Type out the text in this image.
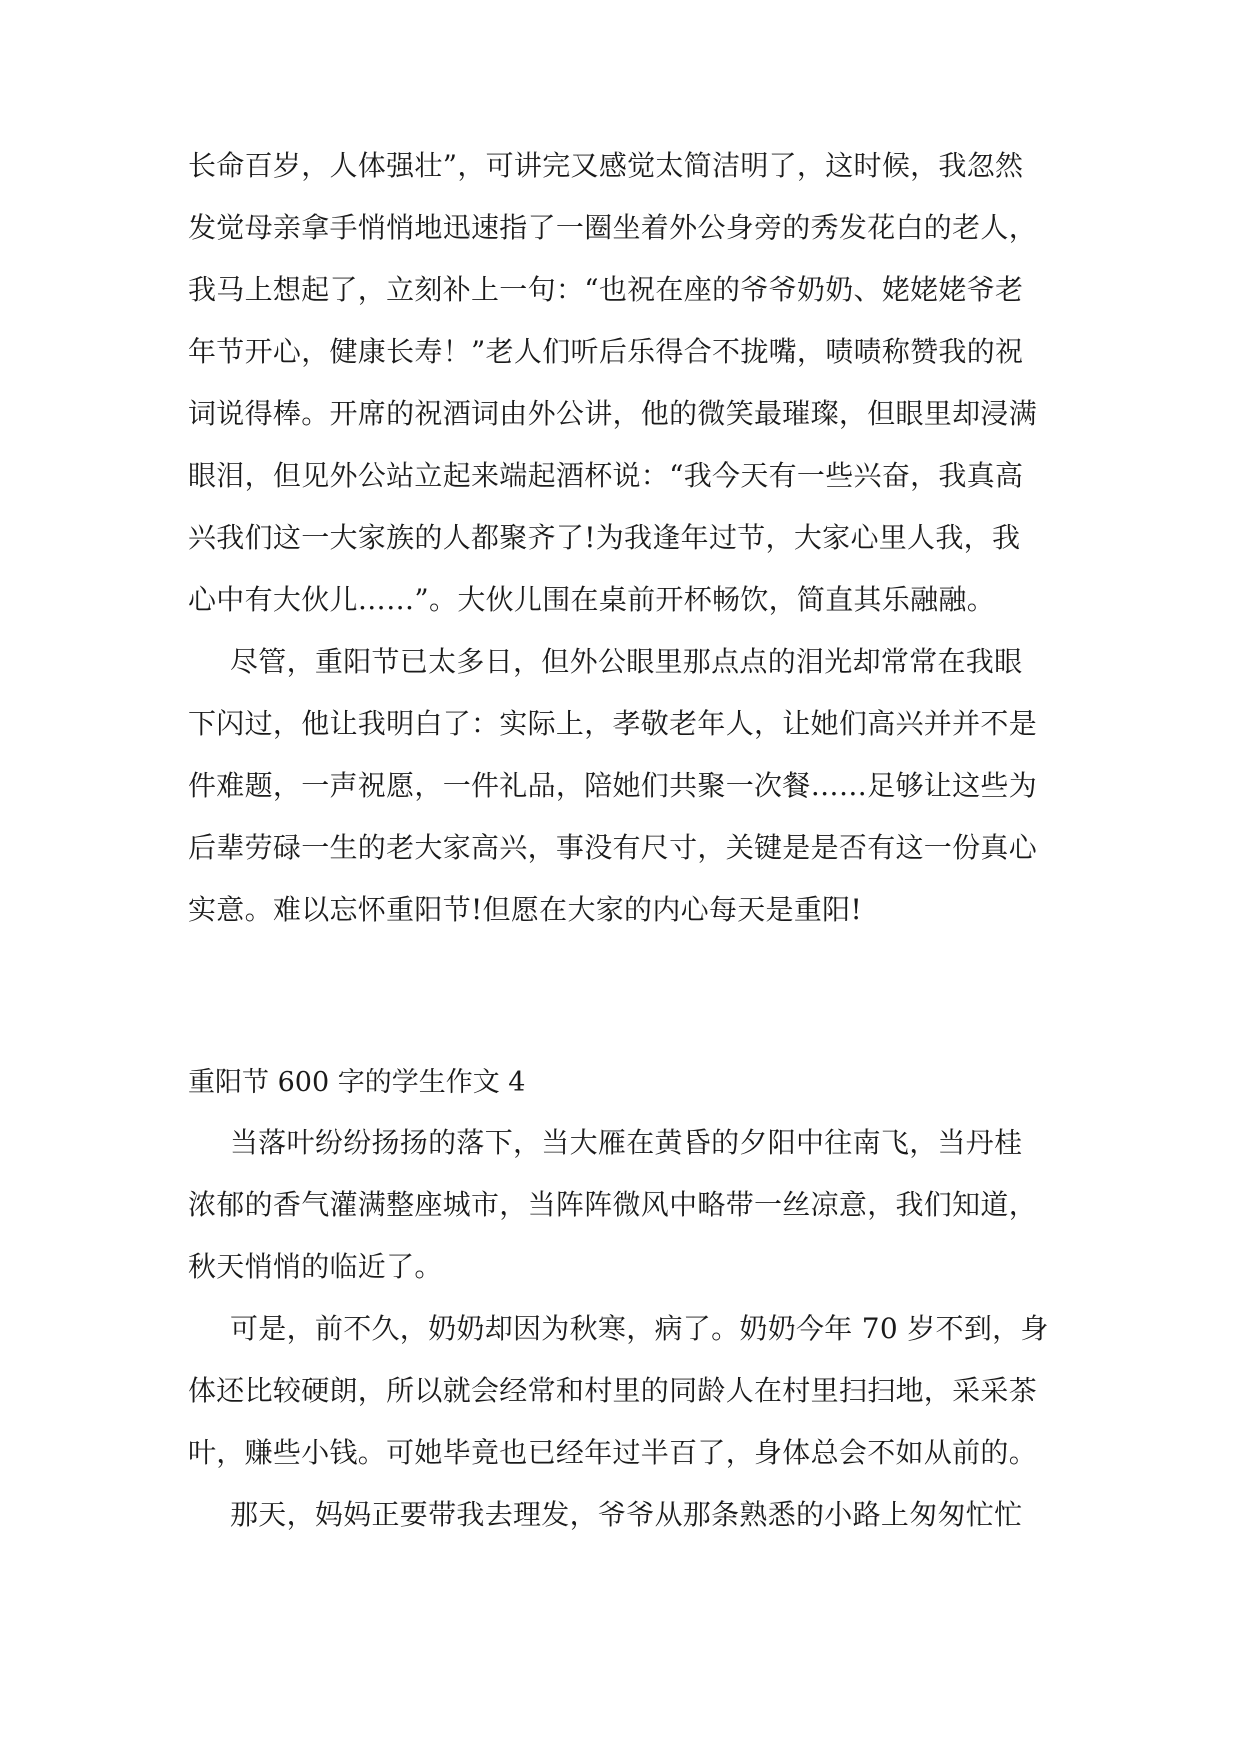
长命百岁，人体强壮”，可讲完又感觉太简洁明了，这时候，我忽然
发觉母亲拿手悄悄地迅速指了一圈坐着外公身旁的秀发花白的老人，
我马上想起了，立刻补上一句：“也祝在座的爷爷奶奶、姥姥姥爷老
年节开心，健康长寿！”老人们听后乐得合不拢嘴，啧啧称赞我的祝
词说得棒。开席的祝酒词由外公讲，他的微笑最璀璨，但眼里却浸满
眼泪，但见外公站立起来端起酒杯说：“我今天有一些兴奋，我真高
兴我们这一大家族的人都聚齐了!为我逢年过节，大家心里人我，我
心中有大伙儿……”。大伙儿围在桌前开杯畅饮，简直其乐融融。

尽管，重阳节已太多日，但外公眼里那点点的泪光却常常在我眼
下闪过，他让我明白了：实际上，孝敬老年人，让她们高兴并并不是
件难题，一声祝愿，一件礼品，陪她们共聚一次餐……足够让这些为
后辈劳碌一生的老大家高兴，事没有尺寸，关键是是否有这一份真心
实意。难以忘怀重阳节!但愿在大家的内心每天是重阳!

重阳节 600 字的学生作文 4

当落叶纷纷扬扬的落下，当大雁在黄昏的夕阳中往南飞，当丹桂
浓郁的香气灌满整座城市，当阵阵微风中略带一丝凉意，我们知道，
秋天悄悄的临近了。

可是，前不久，奶奶却因为秋寒，病了。奶奶今年 70 岁不到，身
体还比较硬朗，所以就会经常和村里的同龄人在村里扫扫地，采采茶
叶，赚些小钱。可她毕竟也已经年过半百了，身体总会不如从前的。

那天，妈妈正要带我去理发，爷爷从那条熟悉的小路上匆匆忙忙
